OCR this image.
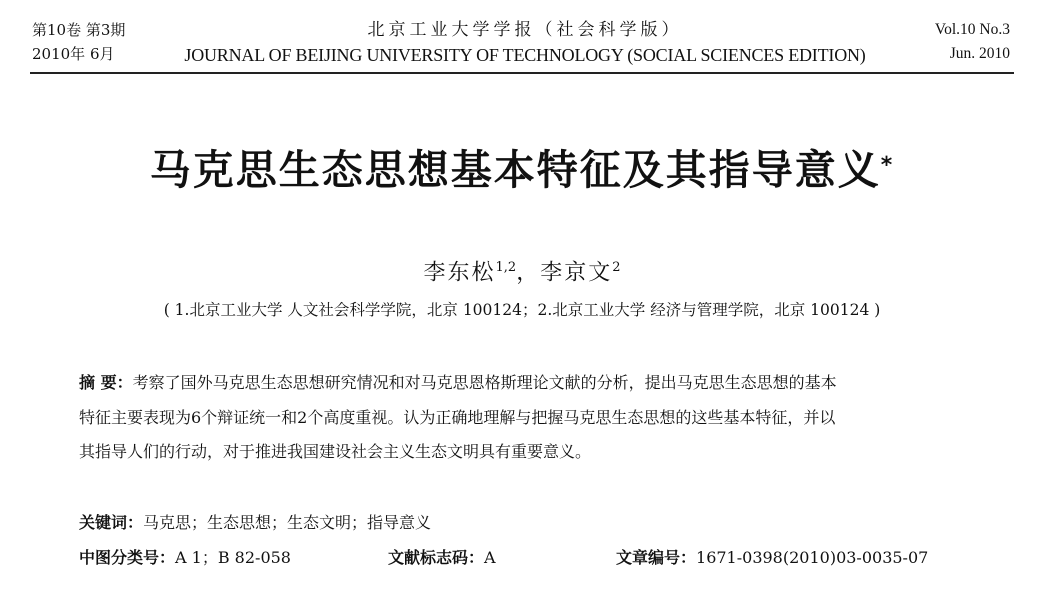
第10卷 第3期
2010年 6月
北京工业大学学报（社会科学版）
JOURNAL OF BEIJING UNIVERSITY OF TECHNOLOGY (SOCIAL SCIENCES EDITION)
Vol.10 No.3
Jun. 2010
马克思生态思想基本特征及其指导意义*
李东松$^{1,2}$，李京文$^2$
( 1.北京工业大学 人文社会科学学院，北京 100124；2.北京工业大学 经济与管理学院，北京 100124 )
摘 要：考察了国外马克思生态思想研究情况和对马克思恩格斯理论文献的分析，提出马克思生态思想的基本
特征主要表现为6个辩证统一和2个高度重视。认为正确地理解与把握马克思生态思想的这些基本特征，并以
其指导人们的行动，对于推进我国建设社会主义生态文明具有重要意义。
关键词：马克思；生态思想；生态文明；指导意义
中图分类号：A 1；B 82-058	文献标志码：A	文章编号：1671-0398(2010)03-0035-07
